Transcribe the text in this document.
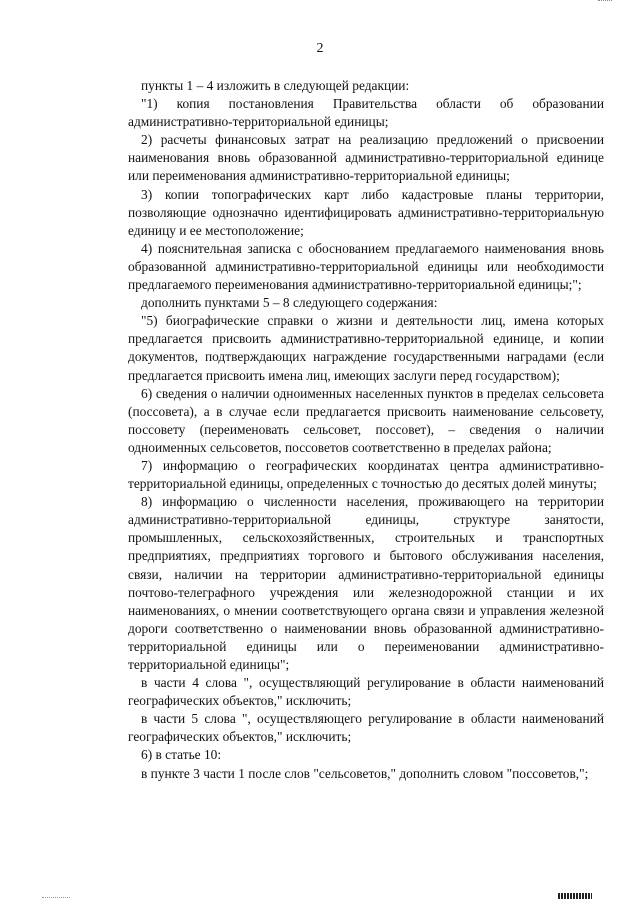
2

пункты 1 – 4 изложить в следующей редакции:

"1) копия постановления Правительства области об образовании административно-территориальной единицы;

2) расчеты финансовых затрат на реализацию предложений о присвоении наименования вновь образованной административно-территориальной единице или переименования административно-территориальной единицы;

3) копии топографических карт либо кадастровые планы территории, позволяющие однозначно идентифицировать административно-территориальную единицу и ее местоположение;

4) пояснительная записка с обоснованием предлагаемого наименования вновь образованной административно-территориальной единицы или необходимости предлагаемого переименования административно-территориальной единицы;";

дополнить пунктами 5 – 8 следующего содержания:

"5) биографические справки о жизни и деятельности лиц, имена которых предлагается присвоить административно-территориальной единице, и копии документов, подтверждающих награждение государственными наградами (если предлагается присвоить имена лиц, имеющих заслуги перед государством);

6) сведения о наличии одноименных населенных пунктов в пределах сельсовета (поссовета), а в случае если предлагается присвоить наименование сельсовету, поссовету (переименовать сельсовет, поссовет), – сведения о наличии одноименных сельсоветов, поссоветов соответственно в пределах района;

7) информацию о географических координатах центра административно-территориальной единицы, определенных с точностью до десятых долей минуты;

8) информацию о численности населения, проживающего на территории административно-территориальной единицы, структуре занятости, промышленных, сельскохозяйственных, строительных и транспортных предприятиях, предприятиях торгового и бытового обслуживания населения, связи, наличии на территории административно-территориальной единицы почтово-телеграфного учреждения или железнодорожной станции и их наименованиях, о мнении соответствующего органа связи и управления железной дороги соответственно о наименовании вновь образованной административно-территориальной единицы или о переименовании административно-территориальной единицы";

в части 4 слова ", осуществляющий регулирование в области наименований географических объектов," исключить;

в части 5 слова ", осуществляющего регулирование в области наименований географических объектов," исключить;

6) в статье 10:

в пункте 3 части 1 после слов "сельсоветов," дополнить словом "поссоветов,";
